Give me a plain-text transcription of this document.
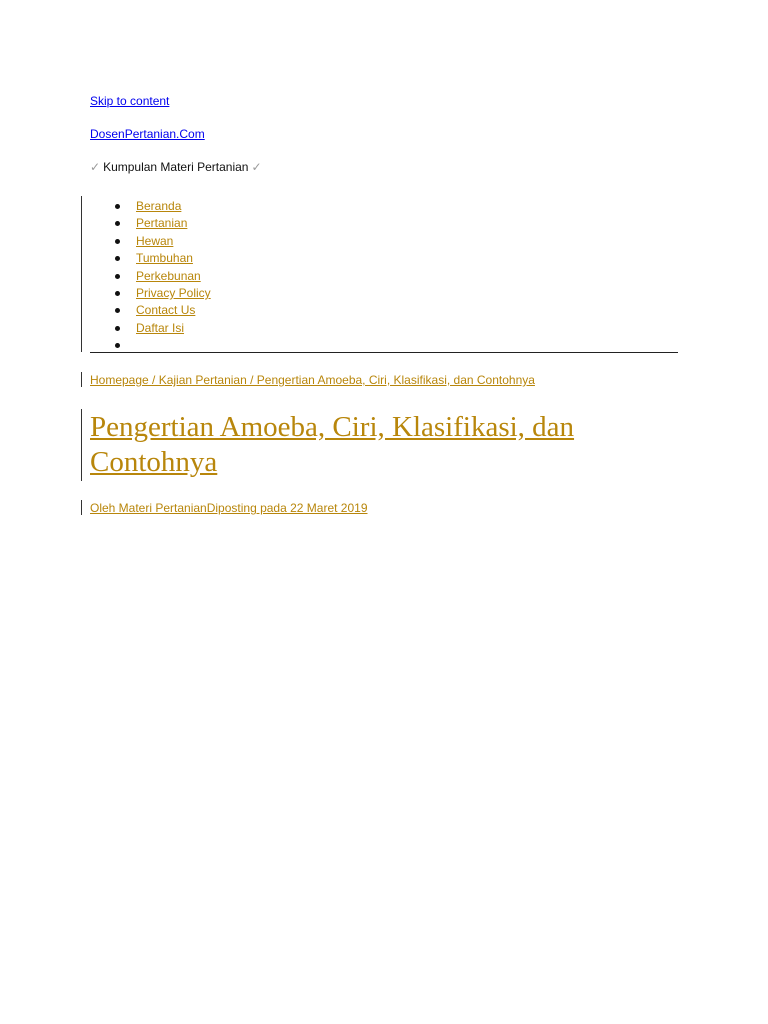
Skip to content
DosenPertanian.Com
✓ Kumpulan Materi Pertanian ✓
Beranda
Pertanian
Hewan
Tumbuhan
Perkebunan
Privacy Policy
Contact Us
Daftar Isi
Homepage / Kajian Pertanian / Pengertian Amoeba, Ciri, Klasifikasi, dan Contohnya
Pengertian Amoeba, Ciri, Klasifikasi, dan Contohnya
Oleh Materi PertanianDiposting pada 22 Maret 2019
